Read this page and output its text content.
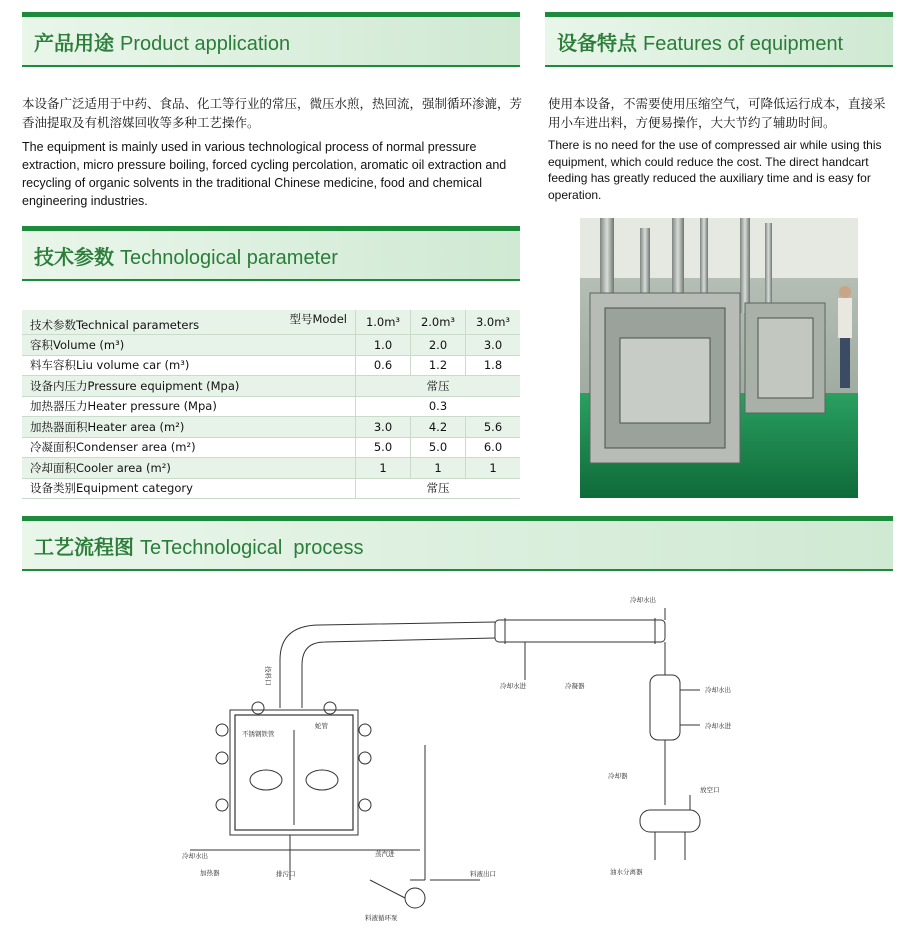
产品用途 Product application	设备特点 Features of equipment
技术参数 Technological parameter
工艺流程图 TeTechnological  process

本设备广泛适用于中药、食品、化工等行业的常压，微压水煎，热回流，强制循环渗漉，芳香油提取及有机溶媒回收等多种工艺操作。

The equipment is mainly used in various technological process of normal pressure extraction, micro pressure boiling, forced cycling percolation, aromatic oil extraction and recycling of organic solvents in the traditional Chinese medicine, food and chemical engineering industries.

使用本设备，不需要使用压缩空气，可降低运行成本，直接采用小车进出料，方便易操作，大大节约了辅助时间。

There is no need for the use of compressed air while using this equipment, which could reduce the cost. The direct handcart feeding has greatly reduced the auxiliary time and is easy for operation.

型号Model
技术参数Technical parameters	1.0m³	2.0m³	3.0m³
容积Volume (m³)	1.0	2.0	3.0
料车容积Liu volume car (m³)	0.6	1.2	1.8
设备内压力Pressure equipment (Mpa)	常压		
加热器压力Heater pressure (Mpa)	0.3		
加热器面积Heater area (m²)	3.0	4.2	5.6
冷凝面积Condenser area (m²)	5.0	5.0	6.0
冷却面积Cooler area (m²)	1	1	1
设备类别Equipment category	常压		
冷却水出
冷却水进	冷凝器	冷却水出
冷却水进
冷却器
放空口
油水分离器
不锈钢铁管
投料口
蛇管
蒸汽进
冷却水出
加热器	排污口	料液出口
料液循环泵
